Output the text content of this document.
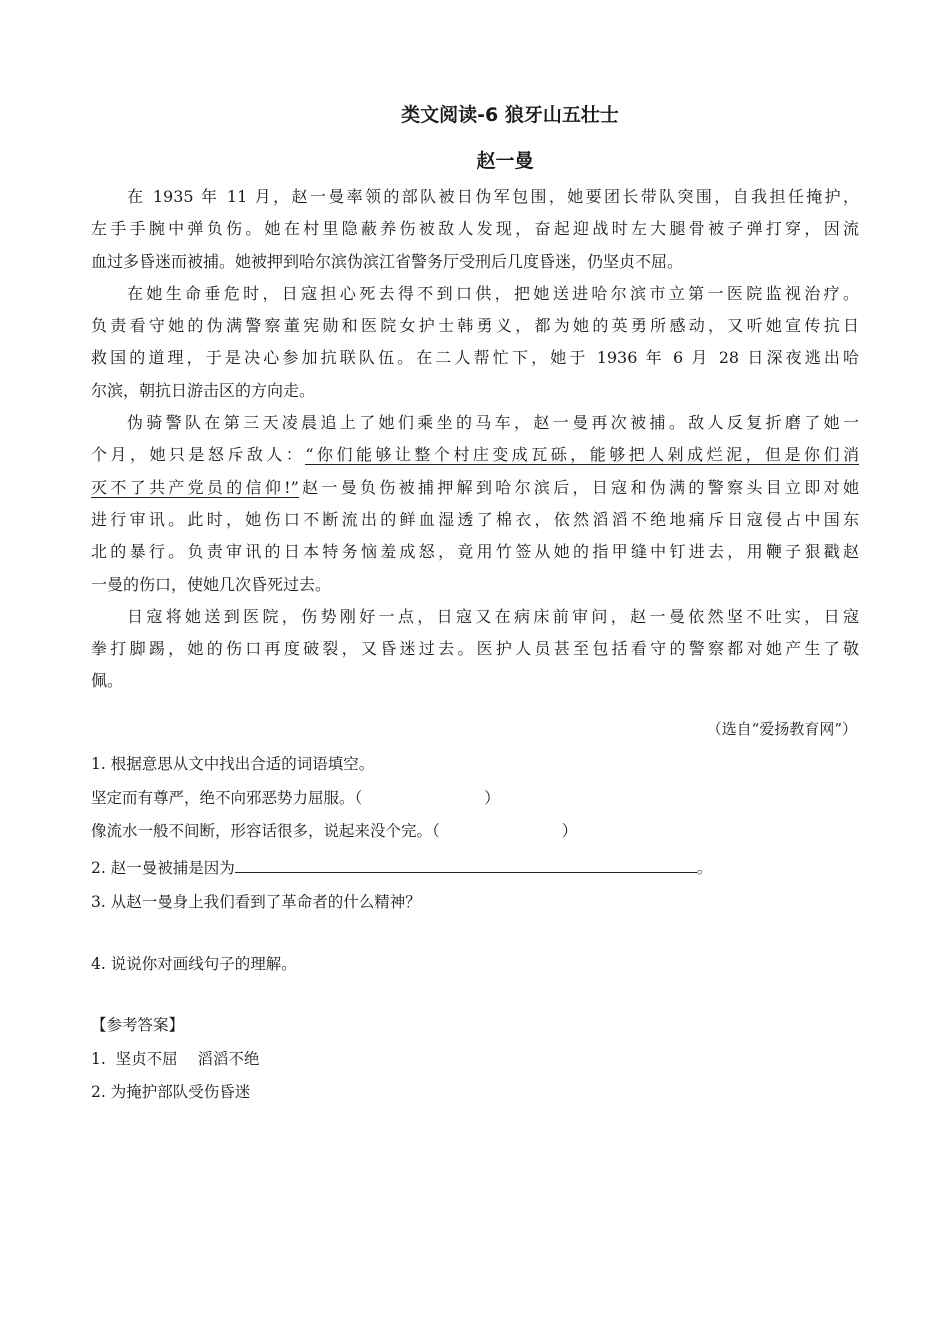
类文阅读-6 狼牙山五壮士
赵一曼
在 1935 年 11 月，赵一曼率领的部队被日伪军包围，她要团长带队突围，自我担任掩护，
左手手腕中弹负伤。她在村里隐蔽养伤被敌人发现，奋起迎战时左大腿骨被子弹打穿，因流
血过多昏迷而被捕。她被押到哈尔滨伪滨江省警务厅受刑后几度昏迷，仍坚贞不屈。
在她生命垂危时，日寇担心死去得不到口供，把她送进哈尔滨市立第一医院监视治疗。
负责看守她的伪满警察董宪勋和医院女护士韩勇义，都为她的英勇所感动，又听她宣传抗日
救国的道理，于是决心参加抗联队伍。在二人帮忙下，她于 1936 年 6 月 28 日深夜逃出哈
尔滨，朝抗日游击区的方向走。
伪骑警队在第三天凌晨追上了她们乘坐的马车，赵一曼再次被捕。敌人反复折磨了她一
个月，她只是怒斥敌人：“你们能够让整个村庄变成瓦砾，能够把人剁成烂泥，但是你们消
灭不了共产党员的信仰!”赵一曼负伤被捕押解到哈尔滨后，日寇和伪满的警察头目立即对她
进行审讯。此时，她伤口不断流出的鲜血湿透了棉衣，依然滔滔不绝地痛斥日寇侵占中国东
北的暴行。负责审讯的日本特务恼羞成怒，竟用竹签从她的指甲缝中钉进去，用鞭子狠戳赵
一曼的伤口，使她几次昏死过去。
日寇将她送到医院，伤势刚好一点，日寇又在病床前审问，赵一曼依然坚不吐实，日寇
拳打脚踢，她的伤口再度破裂，又昏迷过去。医护人员甚至包括看守的警察都对她产生了敬
佩。
（选自“爱扬教育网”）
1. 根据意思从文中找出合适的词语填空。
坚定而有尊严，绝不向邪恶势力屈服。（	）
像流水一般不间断，形容话很多，说起来没个完。（	）
2. 赵一曼被捕是因为	。
3. 从赵一曼身上我们看到了革命者的什么精神？
4. 说说你对画线句子的理解。
【参考答案】
1.  坚贞不屈    滔滔不绝
2. 为掩护部队受伤昏迷
